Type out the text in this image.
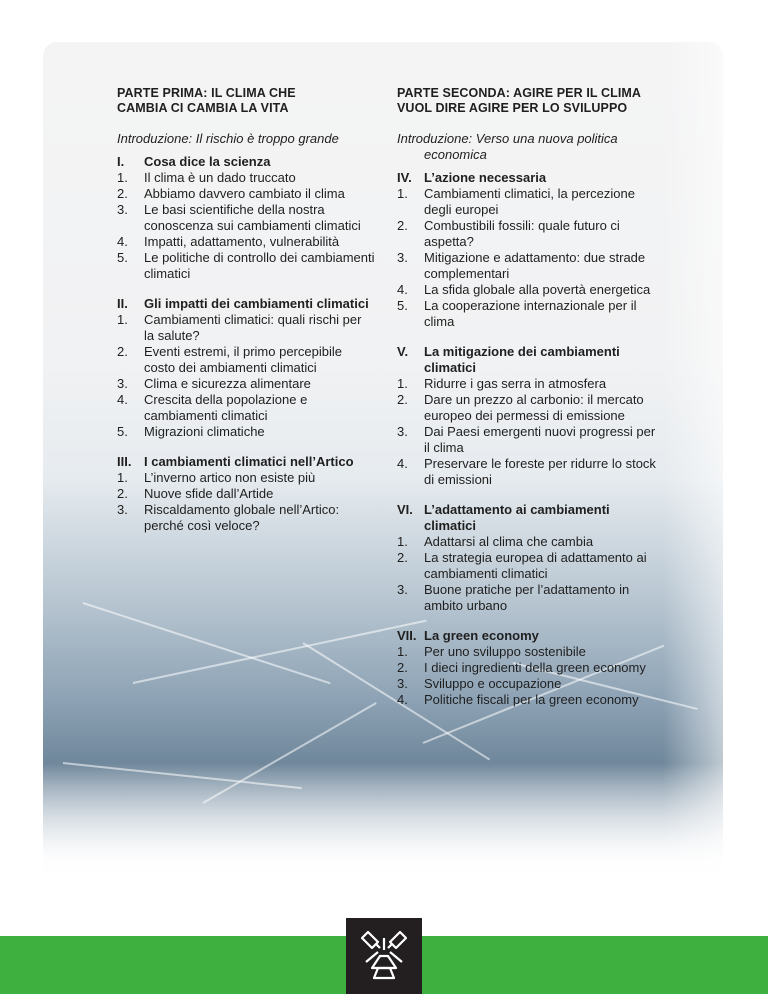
PARTE PRIMA: IL CLIMA CHE
CAMBIA CI CAMBIA LA VITA
Introduzione: Il rischio è troppo grande
I.	Cosa dice la scienza
1.	Il clima è un dado truccato
2.	Abbiamo davvero cambiato il clima
3.	Le basi scientifiche della nostra conoscenza sui cambiamenti climatici
4.	Impatti, adattamento, vulnerabilità
5.	Le politiche di controllo dei cambiamenti climatici
II.	Gli impatti dei cambiamenti climatici
1.	Cambiamenti climatici: quali rischi per la salute?
2.	Eventi estremi, il primo percepibile costo dei ambiamenti climatici
3.	Clima e sicurezza alimentare
4.	Crescita della popolazione e cambiamenti climatici
5.	Migrazioni climatiche
III. I cambiamenti climatici nell’Artico
1.	L’inverno artico non esiste più
2.	Nuove sfide dall’Artide
3.	Riscaldamento globale nell’Artico: perché così veloce?
PARTE SECONDA: AGIRE PER IL CLIMA
VUOL DIRE AGIRE PER LO SVILUPPO
Introduzione: Verso una nuova politica economica
IV. L’azione necessaria
1.	Cambiamenti climatici, la percezione degli europei
2.	Combustibili fossili: quale futuro ci aspetta?
3.	Mitigazione e adattamento: due strade complementari
4.	La sfida globale alla povertà energetica
5.	La cooperazione internazionale per il clima
V.	La mitigazione dei cambiamenti climatici
1.	Ridurre i gas serra in atmosfera
2.	Dare un prezzo al carbonio: il mercato europeo dei permessi di emissione
3.	Dai Paesi emergenti nuovi progressi per il clima
4.	Preservare le foreste per ridurre lo stock di emissioni
VI. L’adattamento ai cambiamenti climatici
1.	Adattarsi al clima che cambia
2.	La strategia europea di adattamento ai cambiamenti climatici
3.	Buone pratiche per l’adattamento in ambito urbano
VII. La green economy
1.	Per uno sviluppo sostenibile
2.	I dieci ingredienti della green economy
3.	Sviluppo e occupazione
4.	Politiche fiscali per la green economy
